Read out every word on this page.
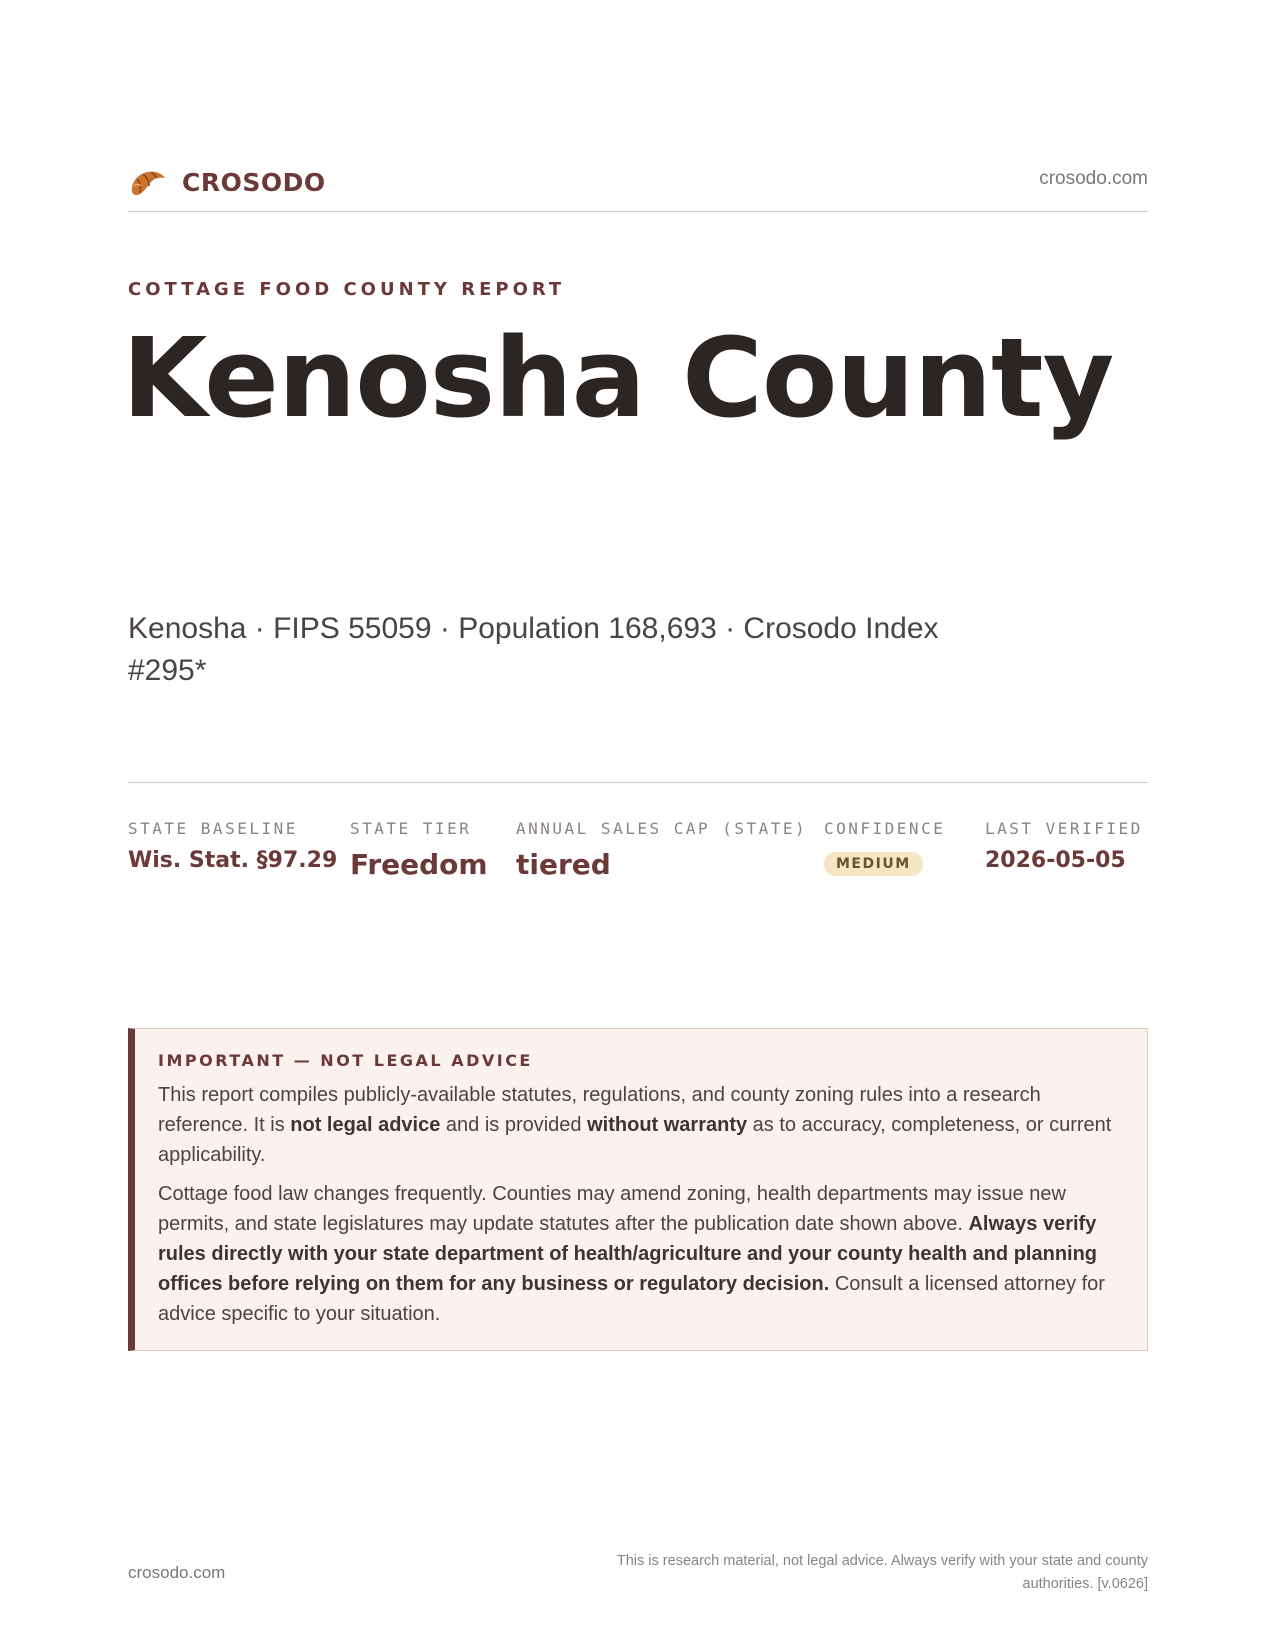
CROSODO	crosodo.com
COTTAGE FOOD COUNTY REPORT
Kenosha County
Kenosha · FIPS 55059 · Population 168,693 · Crosodo Index #295*
STATE BASELINE
Wis. Stat. §97.29
STATE TIER
Freedom
ANNUAL SALES CAP (STATE)
tiered
CONFIDENCE
MEDIUM
LAST VERIFIED
2026-05-05
IMPORTANT — NOT LEGAL ADVICE

This report compiles publicly-available statutes, regulations, and county zoning rules into a research reference. It is not legal advice and is provided without warranty as to accuracy, completeness, or current applicability.

Cottage food law changes frequently. Counties may amend zoning, health departments may issue new permits, and state legislatures may update statutes after the publication date shown above. Always verify rules directly with your state department of health/agriculture and your county health and planning offices before relying on them for any business or regulatory decision. Consult a licensed attorney for advice specific to your situation.

crosodo.com
This is research material, not legal advice. Always verify with your state and county authorities. [v.0626]
